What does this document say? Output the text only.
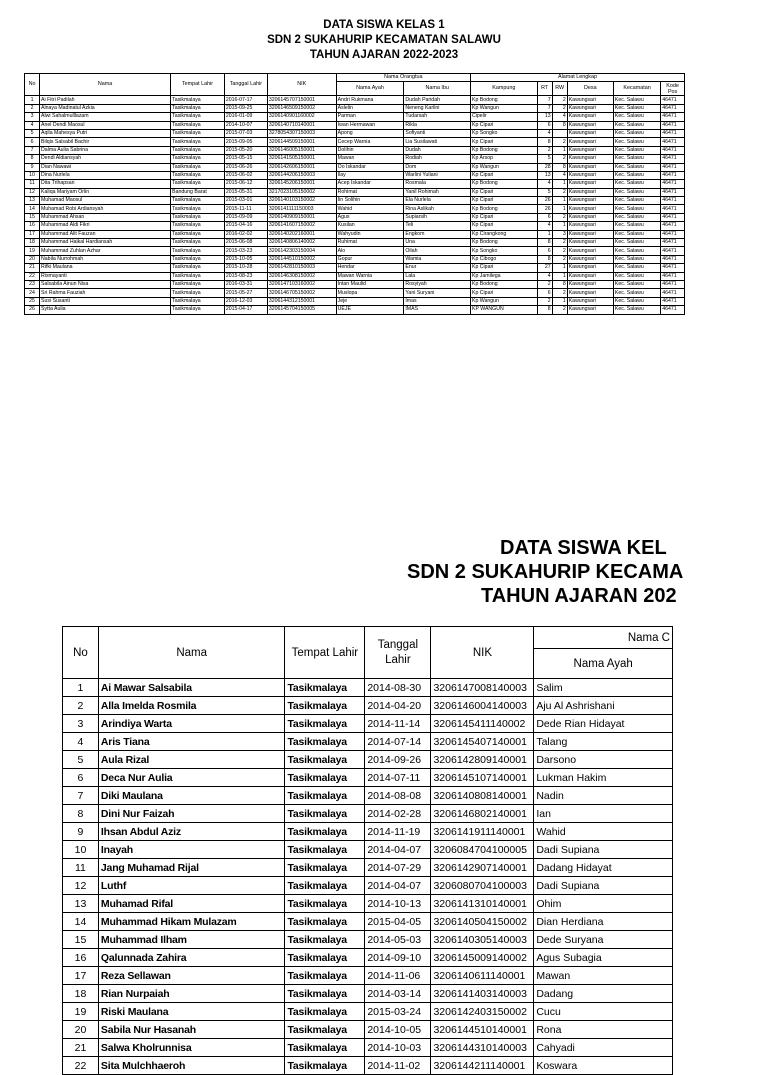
DATA SISWA KELAS 1
SDN 2 SUKAHURIP KECAMATAN SALAWU
TAHUN AJARAN 2022-2023
No	Nama	Tempat Lahir	Tanggal Lahir	NIK	Nama Orangtua		Alamat Lengkap					
					Nama Ayah	Nama Ibu	Kampung	RT	RW	Desa	Kecamatan	Kode Pos
1	Ai Fitri Padilah	Tasikmalaya	2016-07-17	3206145707150001	Andri Rukmana	Dudah Paridah	Kp Bodong	7	2	Kawungsari	Kec. Salawu	46471
2	Alnaya Madinatul Azkia	Tasikmalaya	2015-09-25	3206146509150002	Aslelin	Neneng Karlini	Kp Wangun	7	2	Kawungsari	Kec. Salawu	46471
3	Alwi Sahalmulllazam	Tasikmalaya	2016-01-09	3206140901160002	Parman	Tudarsah	Cipelir	13	4	Kawungsari	Kec. Salawu	46471
4	Anel Dendi Maosul	Tasikmalaya	2014-10-07	3206140710140001	Iwan Hermawan	Rikla	Kp Cipari	6	8	Kawungsari	Kec. Salawu	46471
5	Aqila Mahesya Putri	Tasikmalaya	2015-07-03	3278054307150003	Apong	Sofiyanti	Kp Songko	4		Kawungsari	Kec. Salawu	46471
6	Bilqis Salsabil Bachir	Tasikmalaya	2015-09-05	3206144509150001	Cecep Warnia	Lia Susilawati	Kp Cipari	8	2	Kawungsari	Kec. Salawu	46471
7	Dalma Aulia Sabrina	Tasikmalaya	2015-05-20	3206146005150001	Dolihin	Dudah	Kp Bodong	2	1	Kawungsari	Kec. Salawu	46471
8	Dendi Aldiansyah	Tasikmalaya	2015-05-15	3206141505150001	Mawan	Rodiah	Kp Arsop	5	2	Kawungsari	Kec. Salawu	46471
9	Dian Nawawi	Tasikmalaya	2015-06-26	3206142606150001	Oo Iskandar	Dom	Kp Wangun	28	8	Kawungsari	Kec. Salawu	46471
10	Dina Nurlela	Tasikmalaya	2015-06-02	3206144206150003	Ilay	Warlini Yuliani	Kp Cipari	13	4	Kawungsari	Kec. Salawu	46471
11	Dita Trihapsari	Tasikmalaya	2015-06-12	3206145206150001	Acep Iskandar	Rosmala	Kp Bodong	4	1	Kawungsari	Kec. Salawu	46471
12	Kaliqa Mariyam Orlin	Bandung Barat	2015-05-31	3217023105150002	Rohimat	Yanil Rohimah	Kp Cipari	5	2	Kawungsari	Kec. Salawu	46471
13	Muhamad Maosul	Tasikmalaya	2015-03-01	3206140103150002	Iin Solihin	Ela Nurlela	Kp Cipari	26	1	Kawungsari	Kec. Salawu	46471
14	Muhamad Robi Ardiansyah	Tasikmalaya	2015-11-11	3206141111150003	Wahid	Rina Aslikah	Kp Bodong	26	1	Kawungsari	Kec. Salawu	46471
15	Muhammad Ahsan	Tasikmalaya	2015-09-09	3206140909150001	Agus	Supiarsih	Kp Cipari	6	2	Kawungsari	Kec. Salawu	46471
16	Muhammad Aldi Fikri	Tasikmalaya	2015-04-16	3206141607150002	Kusilan	Teli	Kp Cipari	4	1	Kawungsari	Kec. Salawu	46471
17	Muhammad Alit Fauzan	Tasikmalaya	2016-02-02	3206140202160001	Wahyudin	Engkom	Kp Cirangkong	1	3	Kawungsari	Kec. Salawu	46471
18	Muhammad Haikal Hardiansah	Tasikmalaya	2015-06-08	3206140806140002	Ruhimat	Una	Kp Bodong	8	2	Kawungsari	Kec. Salawu	46471
19	Muhammad Zuhlan Azhar	Tasikmalaya	2015-03-23	3206142303150004	Alo	Oilah	Kp Songko	6	2	Kawungsari	Kec. Salawu	46471
20	Nabila Nurrohmah	Tasikmalaya	2015-10-05	3206144510150002	Gopur	Wamia	Kp Cibogo	8	2	Kawungsari	Kec. Salawu	46471
21	Rifki Maulana	Tasikmalaya	2015-10-28	3206142810150003	Hendar	Enur	Kp Cipari	27	1	Kawungsari	Kec. Salawu	46471
22	Rismayanti	Tasikmalaya	2015-08-23	3206146308150002	Mawan Warnia	Lala	Kp Jamilega	4	1	Kawungsari	Kec. Salawu	46471
23	Salsabila Ainun Nisa	Tasikmalaya	2016-03-31	3206147103160002	Intan Maulid	Rosyiyah	Kp Bodong	2	8	Kawungsari	Kec. Salawu	46471
24	Sri Rahma Fauziah	Tasikmalaya	2015-05-27	3206146705150002	Muslopa	Yani Suryani	Kp Cipari	6	2	Kawungsari	Kec. Salawu	46471
25	Susi Susanti	Tasikmalaya	2016-12-03	3206144312150001	Jeje	Imas	Kp Wangun	2	1	Kawungsari	Kec. Salawu	46471
26	Sytta Aulia	Tasikmalaya	2015-04-17	3206145704150005	UEJE	IMAS	KP WANGUN	8	2	Kawungsari	Kec. Salawu	46471
DATA SISWA KEL
SDN 2 SUKAHURIP KECAMA
TAHUN AJARAN 202
No	Nama	Tempat Lahir	Tanggal Lahir	NIK	Nama C
					Nama Ayah
1	Ai Mawar Salsabila	Tasikmalaya	2014-08-30	3206147008140003	Salim
2	Alla Imelda Rosmila	Tasikmalaya	2014-04-20	3206146004140003	Aju Al Ashrishani
3	Arindiya Warta	Tasikmalaya	2014-11-14	3206145411140002	Dede Rian Hidayat
4	Aris Tiana	Tasikmalaya	2014-07-14	3206145407140001	Talang
5	Aula Rizal	Tasikmalaya	2014-09-26	3206142809140001	Darsono
6	Deca Nur Aulia	Tasikmalaya	2014-07-11	3206145107140001	Lukman Hakim
7	Diki Maulana	Tasikmalaya	2014-08-08	3206140808140001	Nadin
8	Dini Nur Faizah	Tasikmalaya	2014-02-28	3206146802140001	Ian
9	Ihsan Abdul Aziz	Tasikmalaya	2014-11-19	3206141911140001	Wahid
10	Inayah	Tasikmalaya	2014-04-07	3206084704100005	Dadi Supiana
11	Jang Muhamad Rijal	Tasikmalaya	2014-07-29	3206142907140001	Dadang Hidayat
12	Luthf	Tasikmalaya	2014-04-07	3206080704100003	Dadi Supiana
13	Muhamad Rifal	Tasikmalaya	2014-10-13	3206141310140001	Ohim
14	Muhammad Hikam Mulazam	Tasikmalaya	2015-04-05	3206140504150002	Dian Herdiana
15	Muhammad Ilham	Tasikmalaya	2014-05-03	3206140305140003	Dede Suryana
16	Qalunnada Zahira	Tasikmalaya	2014-09-10	3206145009140002	Agus Subagia
17	Reza Sellawan	Tasikmalaya	2014-11-06	3206140611140001	Mawan
18	Rian Nurpaiah	Tasikmalaya	2014-03-14	3206141403140003	Dadang
19	Riski Maulana	Tasikmalaya	2015-03-24	3206142403150002	Cucu
20	Sabila Nur Hasanah	Tasikmalaya	2014-10-05	3206144510140001	Rona
21	Salwa Kholrunnisa	Tasikmalaya	2014-10-03	3206144310140003	Cahyadi
22	Sita Mulchhaeroh	Tasikmalaya	2014-11-02	3206144211140001	Koswara
